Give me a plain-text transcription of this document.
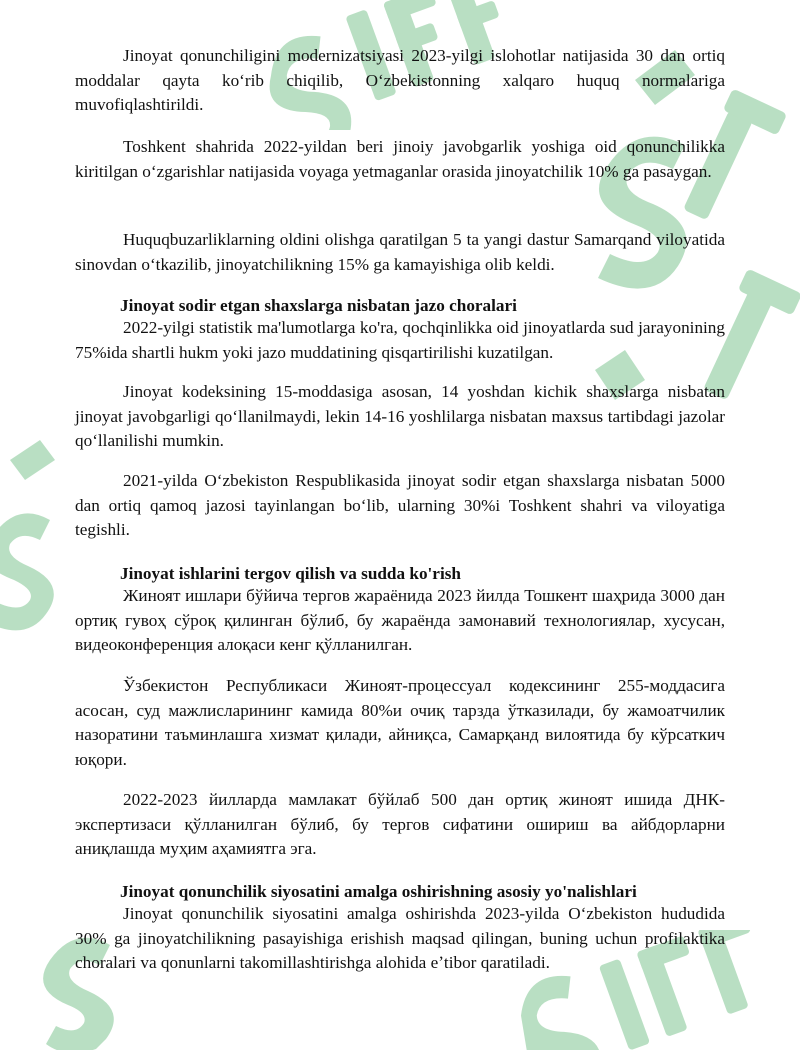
Jinoyat qonunchiligini modernizatsiyasi 2023-yilgi islohotlar natijasida 30 dan ortiq moddalar qayta koʻrib chiqilib, Oʻzbekistonning xalqaro huquq normalariga muvofiqlashtirildi.

Toshkent shahrida 2022-yildan beri jinoiy javobgarlik yoshiga oid qonunchilikka kiritilgan oʻzgarishlar natijasida voyaga yetmaganlar orasida jinoyatchilik 10% ga pasaygan.

Huquqbuzarliklarning oldini olishga qaratilgan 5 ta yangi dastur Samarqand viloyatida sinovdan oʻtkazilib, jinoyatchilikning 15% ga kamayishiga olib keldi.

Jinoyat sodir etgan shaxslarga nisbatan jazo choralari

2022-yilgi statistik ma'lumotlarga ko'ra, qochqinlikka oid jinoyatlarda sud jarayonining 75%ida shartli hukm yoki jazo muddatining qisqartirilishi kuzatilgan.

Jinoyat kodeksining 15-moddasiga asosan, 14 yoshdan kichik shaxslarga nisbatan jinoyat javobgarligi qoʻllanilmaydi, lekin 14-16 yoshlilarga nisbatan maxsus tartibdagi jazolar qoʻllanilishi mumkin.

2021-yilda Oʻzbekiston Respublikasida jinoyat sodir etgan shaxslarga nisbatan 5000 dan ortiq qamoq jazosi tayinlangan boʻlib, ularning 30%i Toshkent shahri va viloyatiga tegishli.

Jinoyat ishlarini tergov qilish va sudda ko'rish

Жиноят ишлари бўйича тергов жараёнида 2023 йилда Тошкент шаҳрида 3000 дан ортиқ гувоҳ сўроқ қилинган бўлиб, бу жараёнда замонавий технологиялар, хусусан, видеоконференция алоқаси кенг қўлланилган.

Ўзбекистон Республикаси Жиноят-процессуал кодексининг 255-моддасига асосан, суд мажлисларининг камида 80%и очиқ тарзда ўтказилади, бу жамоатчилик назоратини таъминлашга хизмат қилади, айниқса, Самарқанд вилоятида бу кўрсаткич юқори.

2022-2023 йилларда мамлакат бўйлаб 500 дан ортиқ жиноят ишида ДНК-экспертизаси қўлланилган бўлиб, бу тергов сифатини ошириш ва айбдорларни аниқлашда муҳим аҳамиятга эга.

Jinoyat qonunchilik siyosatini amalga oshirishning asosiy yo'nalishlari

Jinoyat qonunchilik siyosatini amalga oshirishda 2023-yilda Oʻzbekiston hududida 30% ga jinoyatchilikning pasayishiga erishish maqsad qilingan, buning uchun profilaktika choralari va qonunlarni takomillashtirishga alohida eʼtibor qaratiladi.
